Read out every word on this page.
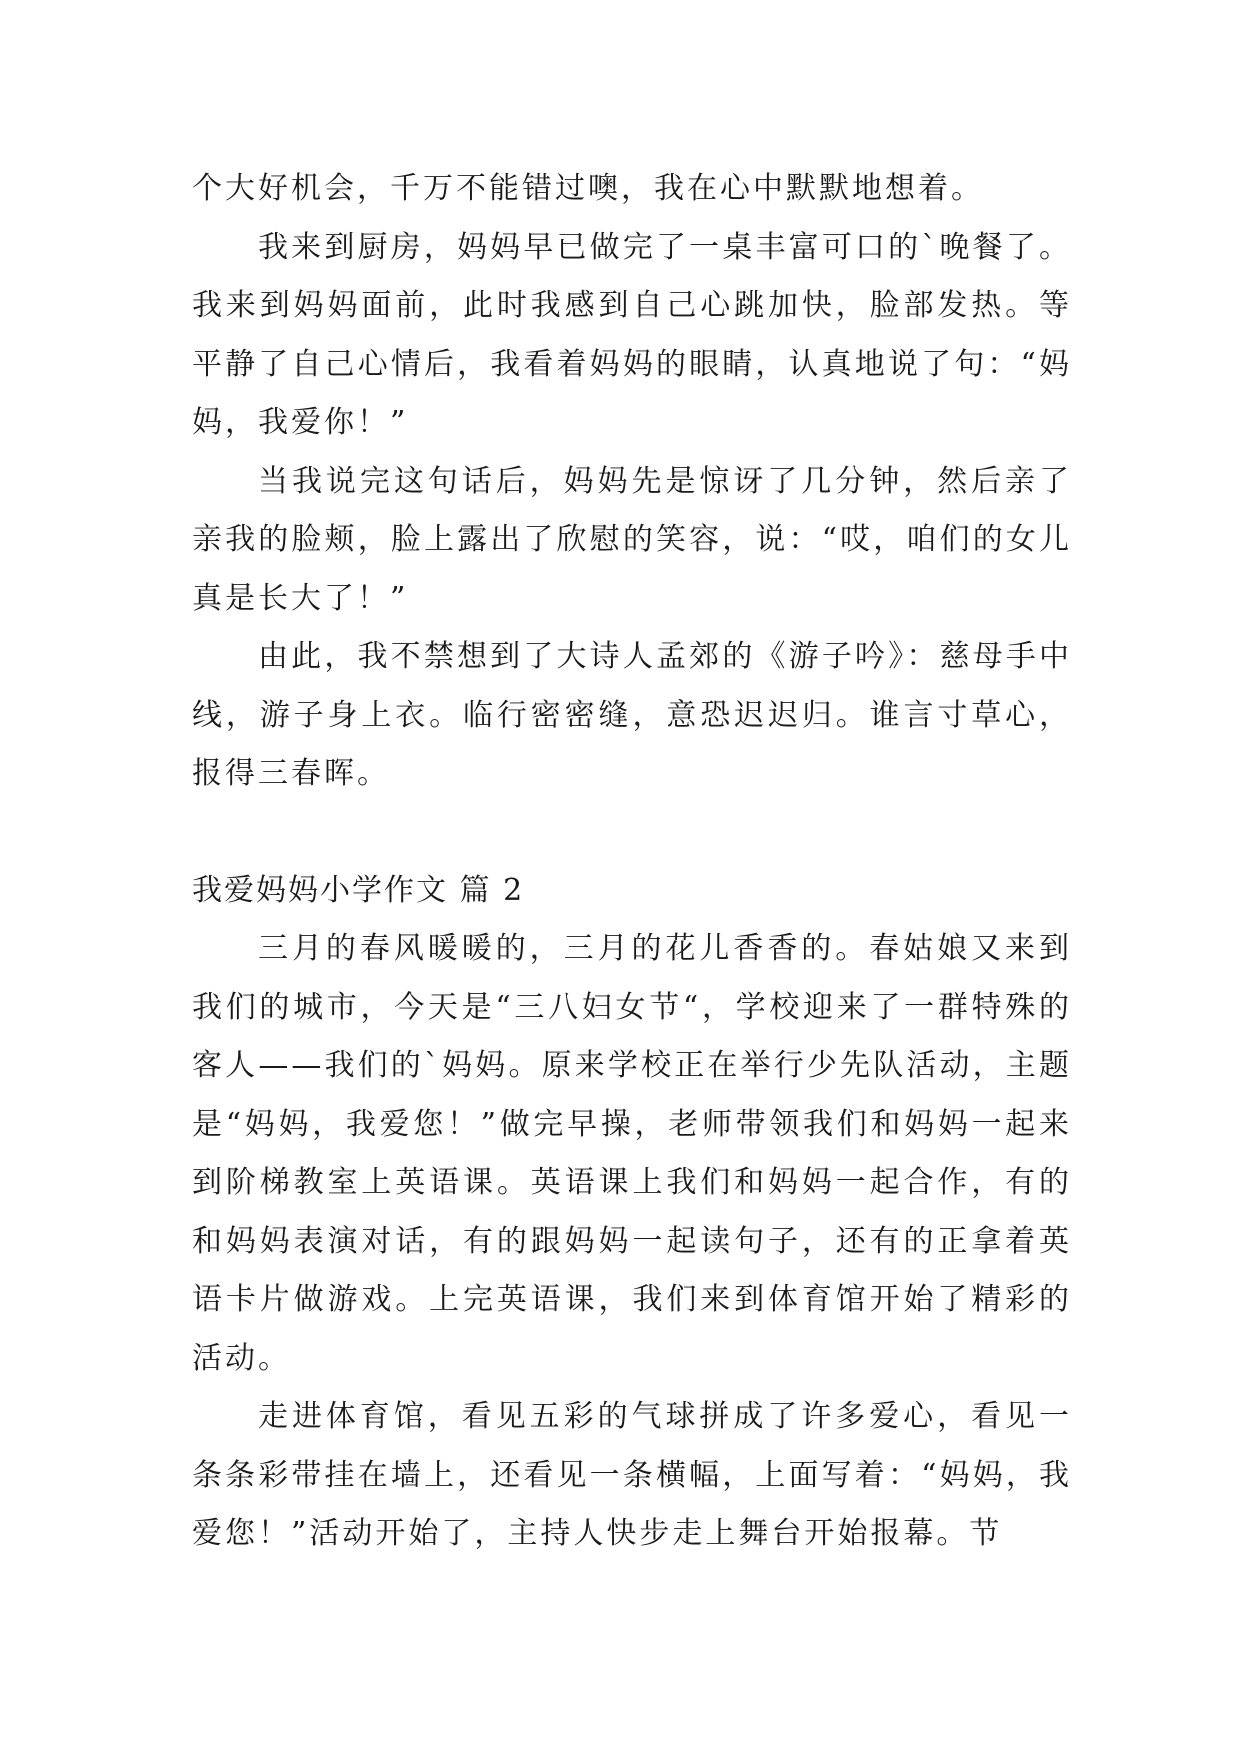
个大好机会，千万不能错过噢，我在心中默默地想着。

我来到厨房，妈妈早已做完了一桌丰富可口的`晚餐了。我来到妈妈面前，此时我感到自己心跳加快，脸部发热。等平静了自己心情后，我看着妈妈的眼睛，认真地说了句：“妈妈，我爱你！”

当我说完这句话后，妈妈先是惊讶了几分钟，然后亲了亲我的脸颊，脸上露出了欣慰的笑容，说：“哎，咱们的女儿真是长大了！”

由此，我不禁想到了大诗人孟郊的《游子吟》：慈母手中线，游子身上衣。临行密密缝，意恐迟迟归。谁言寸草心，报得三春晖。

我爱妈妈小学作文 篇 2

三月的春风暖暖的，三月的花儿香香的。春姑娘又来到我们的城市，今天是“三八妇女节“，学校迎来了一群特殊的客人——我们的`妈妈。原来学校正在举行少先队活动，主题是“妈妈，我爱您！”做完早操，老师带领我们和妈妈一起来到阶梯教室上英语课。英语课上我们和妈妈一起合作，有的和妈妈表演对话，有的跟妈妈一起读句子，还有的正拿着英语卡片做游戏。上完英语课，我们来到体育馆开始了精彩的活动。

走进体育馆，看见五彩的气球拼成了许多爱心，看见一条条彩带挂在墙上，还看见一条横幅，上面写着：“妈妈，我爱您！”活动开始了，主持人快步走上舞台开始报幕。节
